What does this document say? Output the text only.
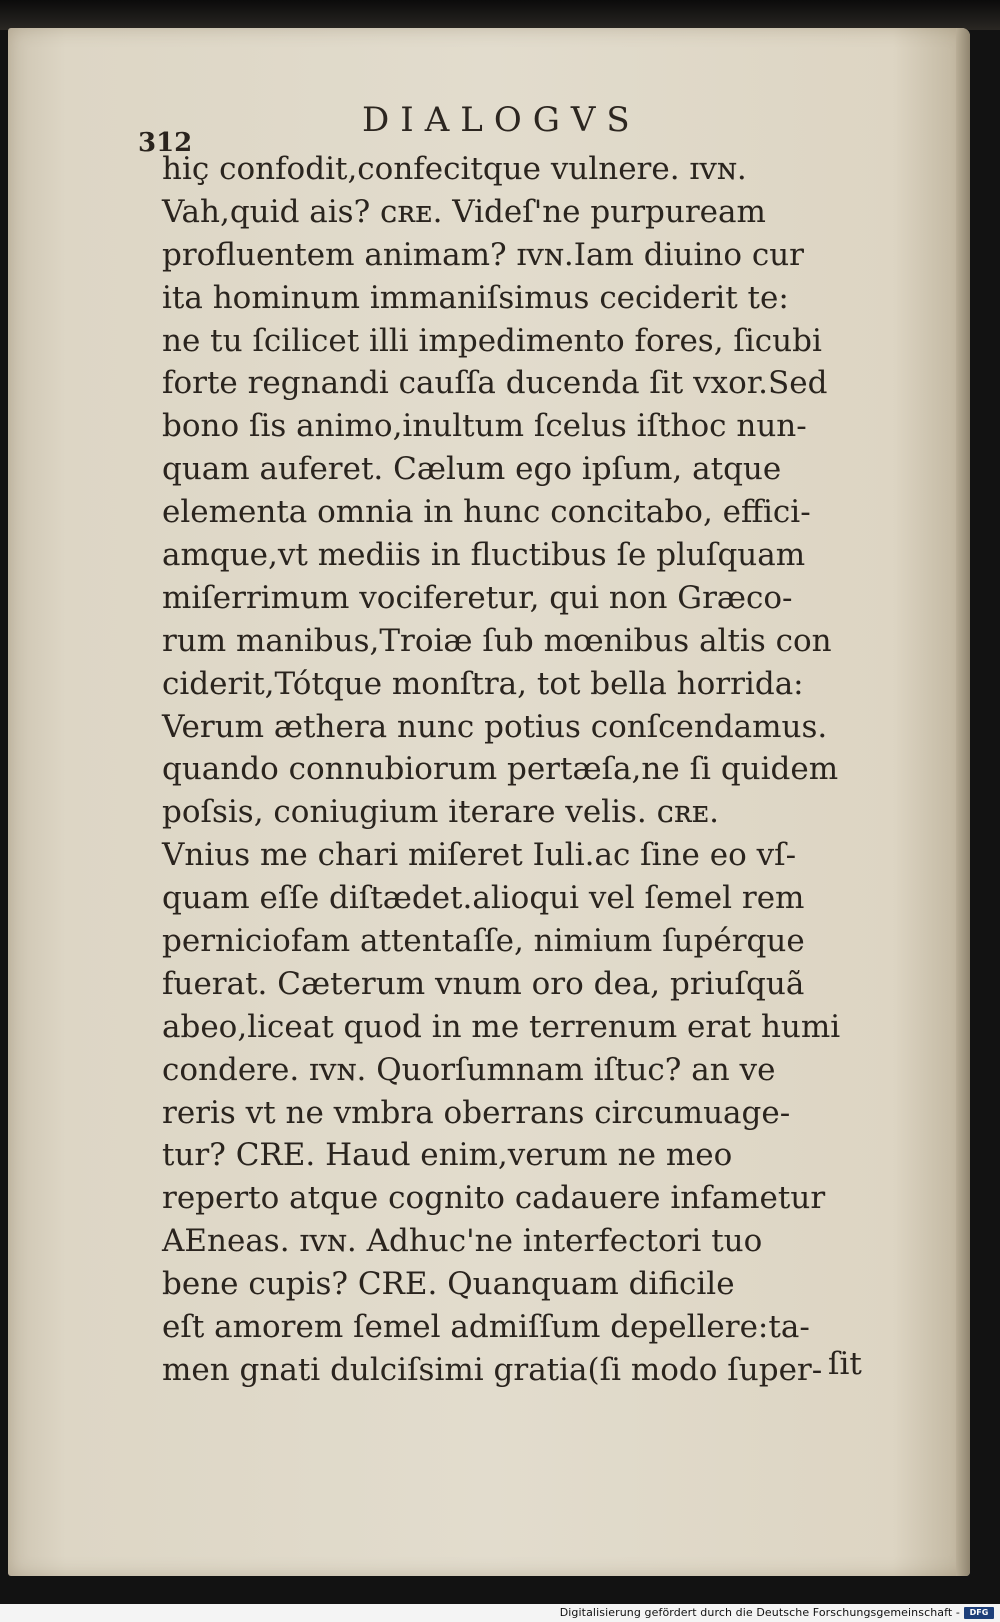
312
DIALOGVS
hiç confodit,confecitque vulnere. ɪᴠɴ.
Vah,quid ais? ᴄʀᴇ. Videſ'ne purpuream
profluentem animam? ɪᴠɴ.Iam diuino cur
ita hominum immaniſsimus ceciderit te:
ne tu ſcilicet illi impedimento fores, ſicubi
forte regnandi cauſſa ducenda ſit vxor.Sed
bono ſis animo,inultum ſcelus iſthoc nun-
quam auferet. Cælum ego ipſum, atque
elementa omnia in hunc concitabo, effici-
amque,vt mediis in fluctibus ſe pluſquam
miſerrimum vociferetur, qui non Græco-
rum manibus,Troiæ ſub mœnibus altis con
ciderit,Tótque monſtra, tot bella horrida:
Verum æthera nunc potius conſcendamus.
quando connubiorum pertæſa,ne ſi quidem
poſsis, coniugium iterare velis. ᴄʀᴇ.
Vnius me chari miſeret Iuli.ac ſine eo vſ-
quam eſſe diſtædet.alioqui vel ſemel rem
perniciofam attentaſſe, nimium ſupérque
fuerat. Cæterum vnum oro dea, priuſquã
abeo,liceat quod in me terrenum erat humi
condere. ɪᴠɴ. Quorſumnam iſtuc? an ve
reris vt ne vmbra oberrans circumuage-
tur? CRE. Haud enim,verum ne meo
reperto atque cognito cadauere infametur
AEneas. ɪᴠɴ. Adhuc'ne interfectori tuo
bene cupis? CRE. Quanquam dificile
eſt amorem ſemel admiſſum depellere:ta-
men gnati dulciſsimi gratia(ſi modo ſuper- ſit
Digitalisierung gefördert durch die Deutsche Forschungsgemeinschaft -	DFG
